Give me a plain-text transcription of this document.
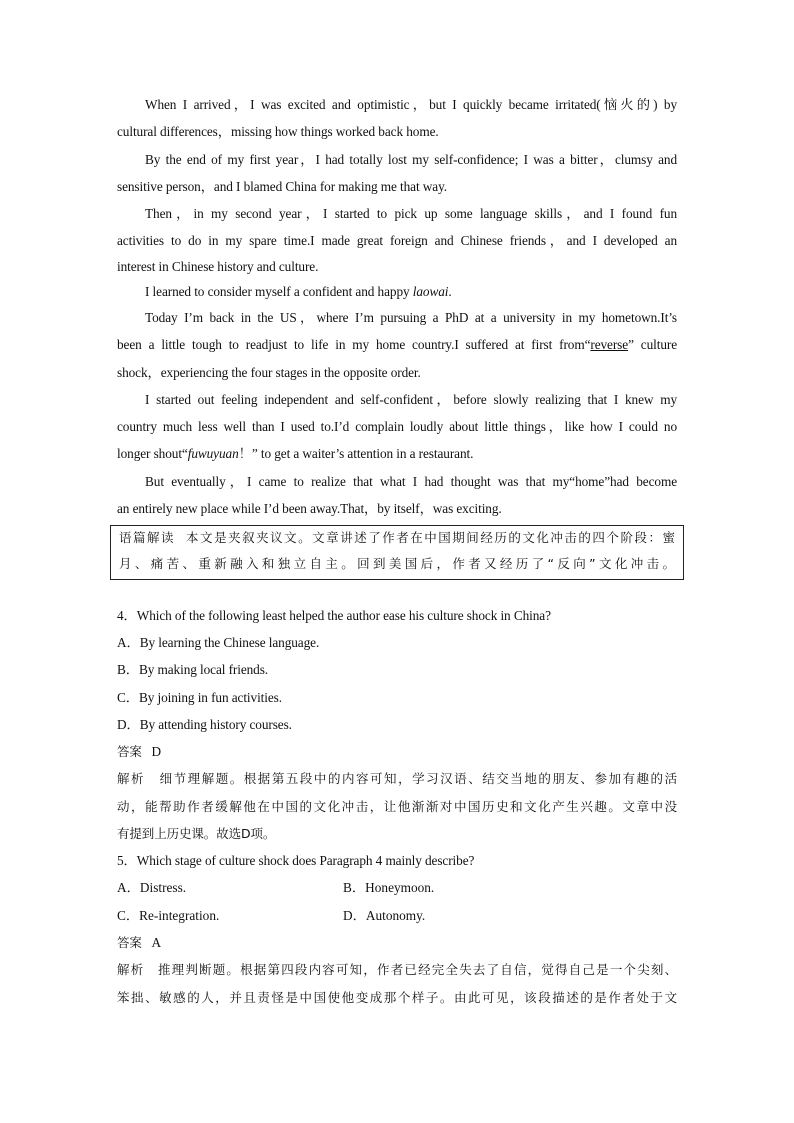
When I arrived，I was excited and optimistic，but I quickly became irritated(恼火的) by
cultural differences，missing how things worked back home.
By the end of my first year，I had totally lost my self-confidence; I was a bitter，clumsy and
sensitive person，and I blamed China for making me that way.
Then，in my second year，I started to pick up some language skills，and I found fun
activities to do in my spare time.I made great foreign and Chinese friends，and I developed an
interest in Chinese history and culture.
I learned to consider myself a confident and happy laowai.
Today I’m back in the US，where I’m pursuing a PhD at a university in my hometown.It’s
been a little tough to readjust to life in my home country.I suffered at first from“reverse” culture
shock，experiencing the four stages in the opposite order.
I started out feeling independent and self-confident，before slowly realizing that I knew my
country much less well than I used to.I’d complain loudly about little things，like how I could no
longer shout“fuwuyuan！” to get a waiter’s attention in a restaurant.
But eventually，I came to realize that what I had thought was that my“home”had become
an entirely new place while I’d been away.That，by itself，was exciting.
语篇解读 本文是夹叙夹议文。文章讲述了作者在中国期间经历的文化冲击的四个阶段：蜜
月、痛苦、重新融入和独立自主。回到美国后，作者又经历了“反向”文化冲击。
4．Which of the following least helped the author ease his culture shock in China?
A．By learning the Chinese language.
B．By making local friends.
C．By joining in fun activities.
D．By attending history courses.
答案 D
解析 细节理解题。根据第五段中的内容可知，学习汉语、结交当地的朋友、参加有趣的活
动，能帮助作者缓解他在中国的文化冲击，让他渐渐对中国历史和文化产生兴趣。文章中没
有提到上历史课。故选D项。
5．Which stage of culture shock does Paragraph 4 mainly describe?
A．Distress.	B．Honeymoon.
C．Re-integration.	D．Autonomy.
答案 A
解析 推理判断题。根据第四段内容可知，作者已经完全失去了自信，觉得自己是一个尖刻、
笨拙、敏感的人，并且责怪是中国使他变成那个样子。由此可见，该段描述的是作者处于文
